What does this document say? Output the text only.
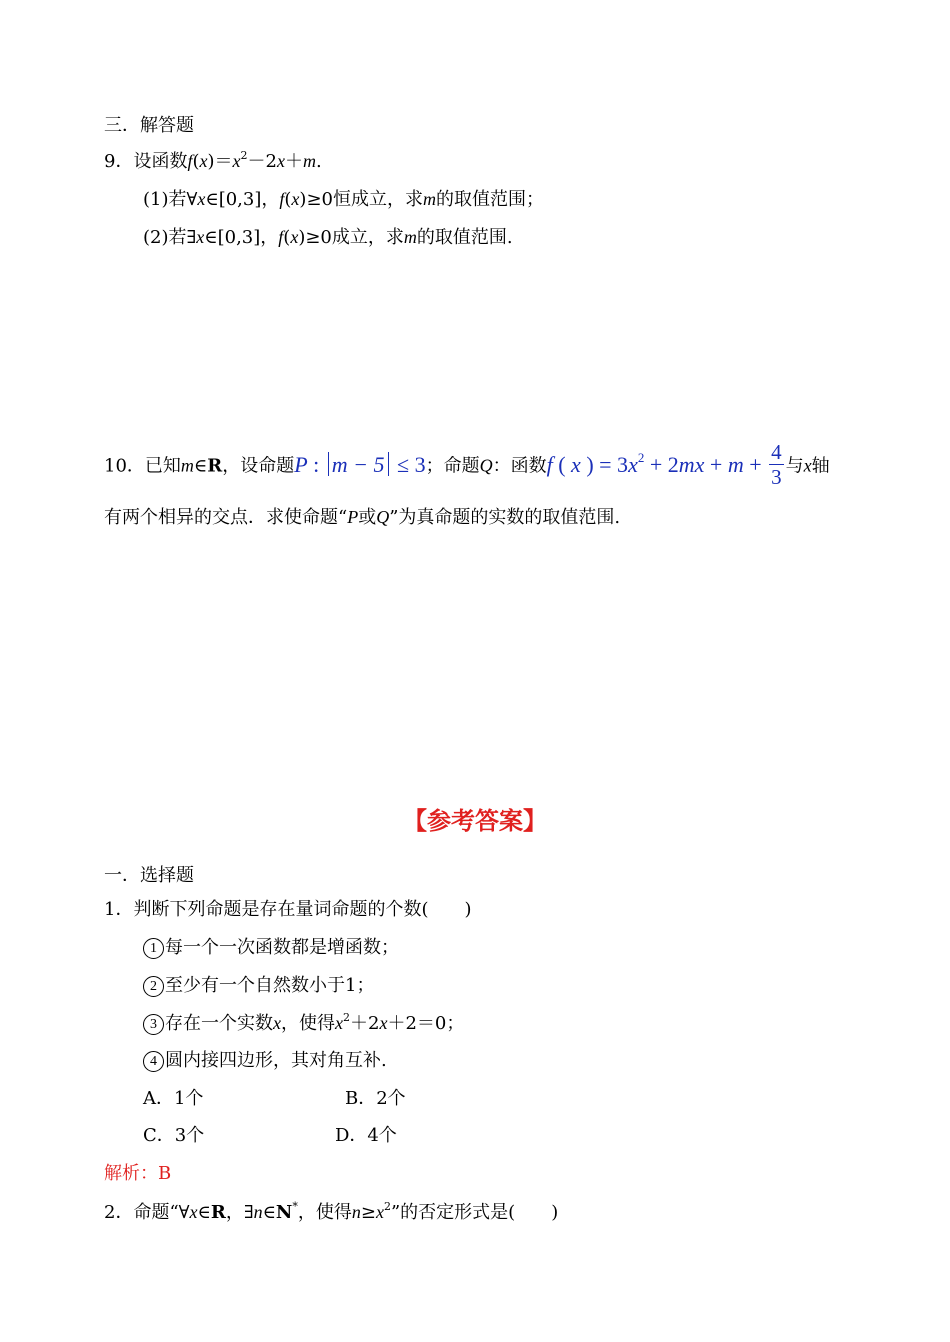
三．解答题
9．设函数$f(x)=x^2-2x+m$.
(1)若∀x∈[0,3]，f(x)≥0恒成立，求m的取值范围；
(2)若∃x∈[0,3]，f(x)≥0成立，求m的取值范围.
10．已知m∈R，设命题P : m − 5 ≤ 3；命题Q：函数f ( x ) = $3x^2 + 2mx + m + \frac{4}{3}$ 与x轴
有两个相异的交点．求使命题“P或Q”为真命题的实数的取值范围.
【参考答案】
一．选择题
1．判断下列命题是存在量词命题的个数(　　)
1 每一个一次函数都是增函数；
2 至少有一个自然数小于1；
3 存在一个实数x，使得$x^2+2x+2=0$；
4 圆内接四边形，其对角互补.
A．1个	B．2个
C．3个	D．4个
解析：B
2．命题“∀x∈R，∃n∈N*，使得$n\ge x^2$”的否定形式是(　　)
